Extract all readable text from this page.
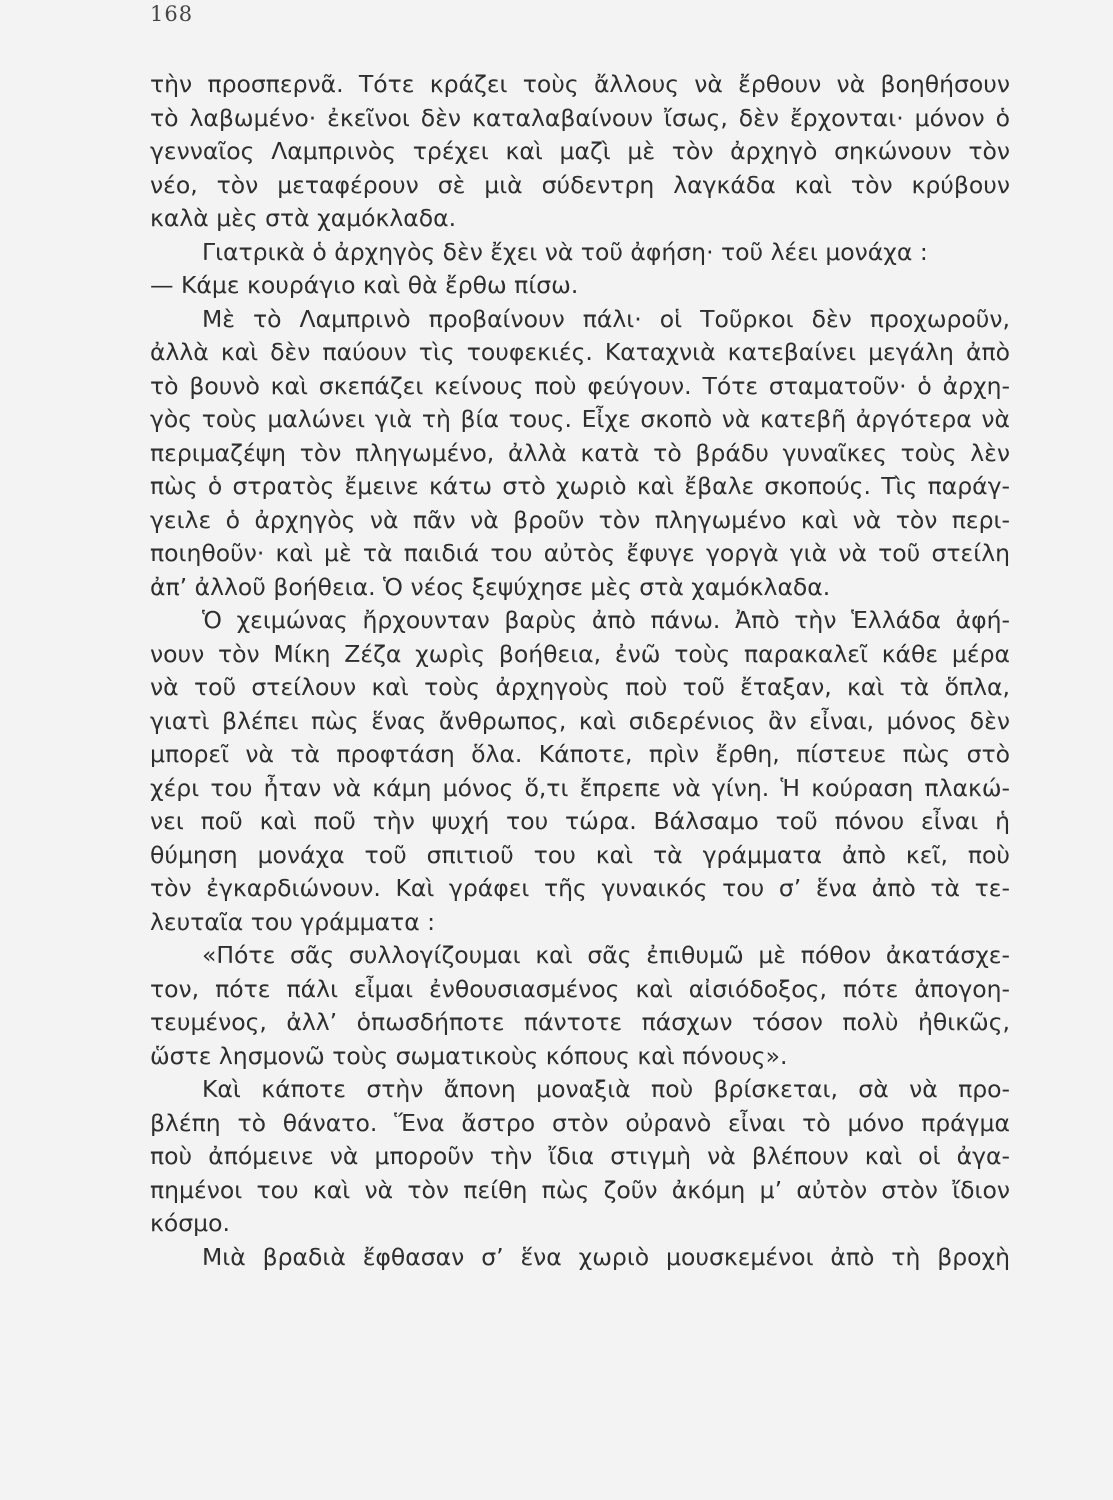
168
τὴν προσπερνᾶ. Τότε κράζει τοὺς ἄλλους νὰ ἔρθουν νὰ βοηθήσουν
τὸ λαβωμένο· ἐκεῖνοι δὲν καταλαβαίνουν ἴσως, δὲν ἔρχονται· μόνον ὁ
γενναῖος Λαμπρινὸς τρέχει καὶ μαζὶ μὲ τὸν ἀρχηγὸ σηκώνουν τὸν
νέο, τὸν μεταφέρουν σὲ μιὰ σύδεντρη λαγκάδα καὶ τὸν κρύβουν
καλὰ μὲς στὰ χαμόκλαδα.
Γιατρικὰ ὁ ἀρχηγὸς δὲν ἔχει νὰ τοῦ ἀφήση· τοῦ λέει μονάχα :
— Κάμε κουράγιο καὶ θὰ ἔρθω πίσω.
Μὲ τὸ Λαμπρινὸ προβαίνουν πάλι· οἱ Τοῦρκοι δὲν προχωροῦν,
ἀλλὰ καὶ δὲν παύουν τὶς τουφεκιές. Καταχνιὰ κατεβαίνει μεγάλη ἀπὸ
τὸ βουνὸ καὶ σκεπάζει κείνους ποὺ φεύγουν. Τότε σταματοῦν· ὁ ἀρχη-
γὸς τοὺς μαλώνει γιὰ τὴ βία τους. Εἶχε σκοπὸ νὰ κατεβῆ ἀργότερα νὰ
περιμαζέψη τὸν πληγωμένο, ἀλλὰ κατὰ τὸ βράδυ γυναῖκες τοὺς λὲν
πὼς ὁ στρατὸς ἔμεινε κάτω στὸ χωριὸ καὶ ἔβαλε σκοπούς. Τὶς παράγ-
γειλε ὁ ἀρχηγὸς νὰ πᾶν νὰ βροῦν τὸν πληγωμένο καὶ νὰ τὸν περι-
ποιηθοῦν· καὶ μὲ τὰ παιδιά του αὐτὸς ἔφυγε γοργὰ γιὰ νὰ τοῦ στείλη
ἀπ’ ἀλλοῦ βοήθεια. Ὁ νέος ξεψύχησε μὲς στὰ χαμόκλαδα.
Ὁ χειμώνας ἤρχουνταν βαρὺς ἀπὸ πάνω. Ἀπὸ τὴν Ἑλλάδα ἀφή-
νουν τὸν Μίκη Ζέζα χωρὶς βοήθεια, ἐνῶ τοὺς παρακαλεῖ κάθε μέρα
νὰ τοῦ στείλουν καὶ τοὺς ἀρχηγοὺς ποὺ τοῦ ἔταξαν, καὶ τὰ ὅπλα,
γιατὶ βλέπει πὼς ἕνας ἄνθρωπος, καὶ σιδερένιος ἂν εἶναι, μόνος δὲν
μπορεῖ νὰ τὰ προφτάση ὅλα. Κάποτε, πρὶν ἔρθη, πίστευε πὼς στὸ
χέρι του ἦταν νὰ κάμη μόνος ὅ,τι ἔπρεπε νὰ γίνη. Ἡ κούραση πλακώ-
νει ποῦ καὶ ποῦ τὴν ψυχή του τώρα. Βάλσαμο τοῦ πόνου εἶναι ἡ
θύμηση μονάχα τοῦ σπιτιοῦ του καὶ τὰ γράμματα ἀπὸ κεῖ, ποὺ
τὸν ἐγκαρδιώνουν. Καὶ γράφει τῆς γυναικός του σ’ ἕνα ἀπὸ τὰ τε-
λευταῖα του γράμματα :
«Πότε σᾶς συλλογίζουμαι καὶ σᾶς ἐπιθυμῶ μὲ πόθον ἀκατάσχε-
τον, πότε πάλι εἶμαι ἐνθουσιασμένος καὶ αἰσιόδοξος, πότε ἀπογοη-
τευμένος, ἀλλ’ ὁπωσδήποτε πάντοτε πάσχων τόσον πολὺ ἠθικῶς,
ὥστε λησμονῶ τοὺς σωματικοὺς κόπους καὶ πόνους».
Καὶ κάποτε στὴν ἄπονη μοναξιὰ ποὺ βρίσκεται, σὰ νὰ προ-
βλέπη τὸ θάνατο. Ἕνα ἄστρο στὸν οὐρανὸ εἶναι τὸ μόνο πράγμα
ποὺ ἀπόμεινε νὰ μποροῦν τὴν ἴδια στιγμὴ νὰ βλέπουν καὶ οἱ ἀγα-
πημένοι του καὶ νὰ τὸν πείθη πὼς ζοῦν ἀκόμη μ’ αὐτὸν στὸν ἴδιον
κόσμο.
Μιὰ βραδιὰ ἔφθασαν σ’ ἕνα χωριὸ μουσκεμένοι ἀπὸ τὴ βροχὴ
